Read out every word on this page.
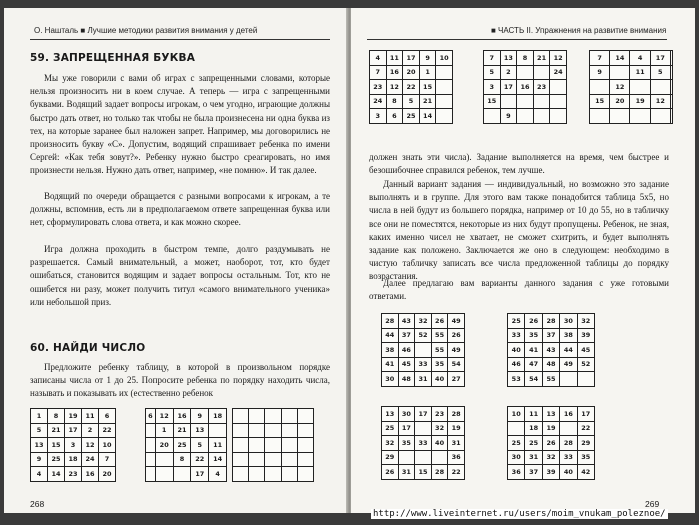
О. Нашталь ■ Лучшие методики развития внимания у детей
59. ЗАПРЕЩЕННАЯ БУКВА

Мы уже говорили с вами об играх с запрещенными словами, которые нельзя произносить ни в коем случае. А теперь — игра с запрещенными буквами. Водящий задает вопросы игрокам, о чем угодно, играющие должны быстро дать ответ, но только так чтобы не была произнесена ни одна буква из тех, на которые заранее был наложен запрет. Например, мы договорились не произносить букву «С». Допустим, водящий спрашивает ребенка по имени Сергей: «Как тебя зовут?». Ребенку нужно быстро среагировать, но имя произнести нельзя. Нужно дать ответ, например, «не помню». И так далее.

Водящий по очереди обращается с разными вопросами к игрокам, а те должны, вспомнив, есть ли в предполагаемом ответе запрещенная буква или нет, сформулировать слова ответа, и как можно скорее.

Игра должна проходить в быстром темпе, долго раздумывать не разрешается. Самый внимательный, а может, наоборот, тот, кто будет ошибаться, становится водящим и задает вопросы остальным. Тот, кто не ошибется ни разу, может получить титул «самого внимательного ученика» или небольшой приз.

60. НАЙДИ ЧИСЛО

Предложите ребенку таблицу, в которой в произвольном порядке записаны числа от 1 до 25. Попросите ребенка по порядку находить числа, называть и показывать их (естественно ребенок

1	8	19	11	6
5	21	17	2	22
13	15	3	12	10
9	25	18	24	7
4	14	23	16	20
6	12	16	9	18
	1	21	13	
	20	25	5	11
		8	22	14
			17	4

268
■ ЧАСТЬ II. Упражнения на развитие внимания
4	11	17	9	10
7	16	20	1	
23	12	22	15	
24	8	5	21	
3	6	25	14	
7	13	8	21	12
5	2			24
3	17	16	23	
15				
	9			
7	14	4	17	
9		11	5	
	12			
15	20	19	12	

должен знать эти числа). Задание выполняется на время, чем быстрее и безошибочнее справился ребенок, тем лучше.

Данный вариант задания — индивидуальный, но возможно это задание выполнять и в группе. Для этого вам также понадобится таблица 5х5, но числа в ней будут из большего порядка, например от 10 до 55, но в табличку все они не поместятся, некоторые из них будут пропущены. Ребенок, не зная, каких именно чисел не хватает, не сможет схитрить, и будет выполнять задание как положено. Заключается же оно в следующем: необходимо в чистую табличку записать все числа предложенной таблицы до порядку возрастания.

Далее предлагаю вам варианты данного задания с уже готовыми ответами.

28	43	32	26	49
44	37	52	55	26
38	46		55	49
41	45	33	35	54
30	48	31	40	27
25	26	28	30	32
33	35	37	38	39
40	41	43	44	45
46	47	48	49	52
53	54	55		
13	30	17	23	28
25	17		32	19
32	35	33	40	31
29				36
26	31	15	28	22
10	11	13	16	17
	18	19		22
25	25	26	28	29
30	31	32	33	35
36	37	39	40	42
269
http://www.liveinternet.ru/users/moim_vnukam_poleznoe/
